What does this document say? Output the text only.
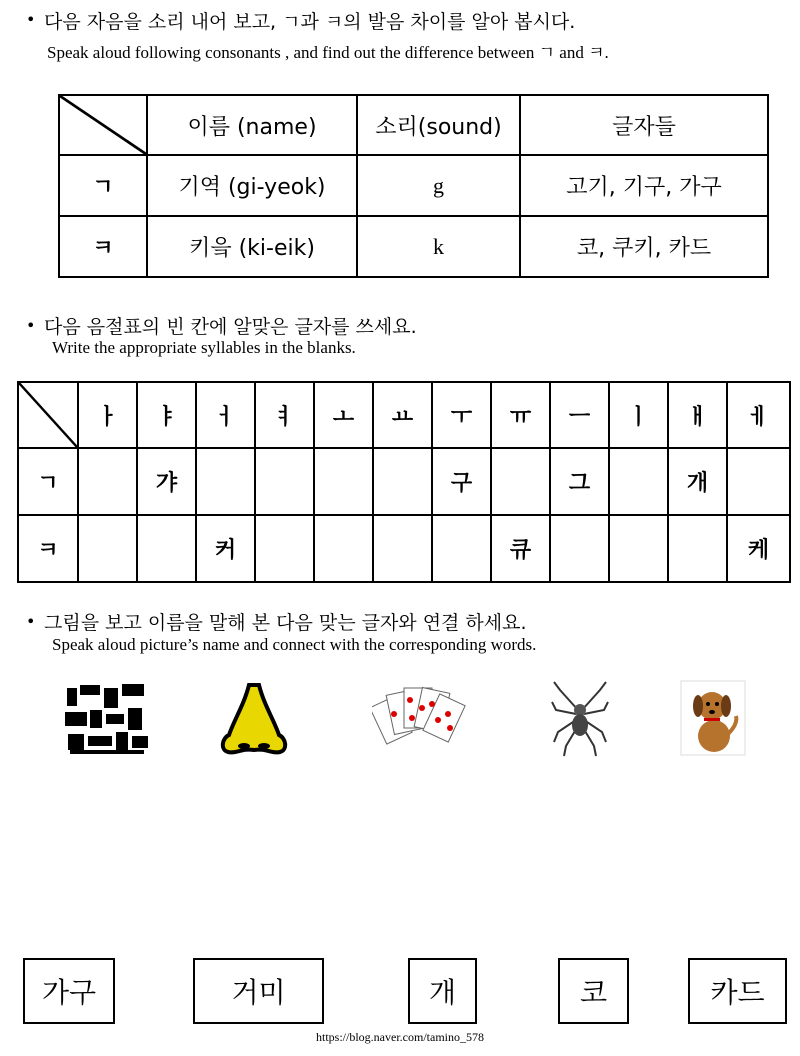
• 다음 자음을 소리 내어 보고, ㄱ과 ㅋ의 발음 차이를 알아 봅시다.
Speak aloud following consonants , and find out the difference between ㄱ and ㅋ.
	이름 (name)	소리(sound)	글자들
ㄱ	기역 (gi-yeok)	g	고기, 기구, 가구
ㅋ	키읔 (ki-eik)	k	코, 쿠키, 카드
• 다음 음절표의 빈 칸에 알맞은 글자를 쓰세요.
Write the appropriate syllables in the blanks.
	ㅏ	ㅑ	ㅓ	ㅕ	ㅗ	ㅛ	ㅜ	ㅠ	ㅡ	ㅣ	ㅐ	ㅔ
ㄱ		갸					구		그		개	
ㅋ			커					큐				케
• 그림을 보고 이름을 말해 본 다음 맞는 글자와 연결 하세요.
Speak aloud picture’s name and connect with the corresponding words.
가구	거미	개	코	카드
https://blog.naver.com/tamino_578
